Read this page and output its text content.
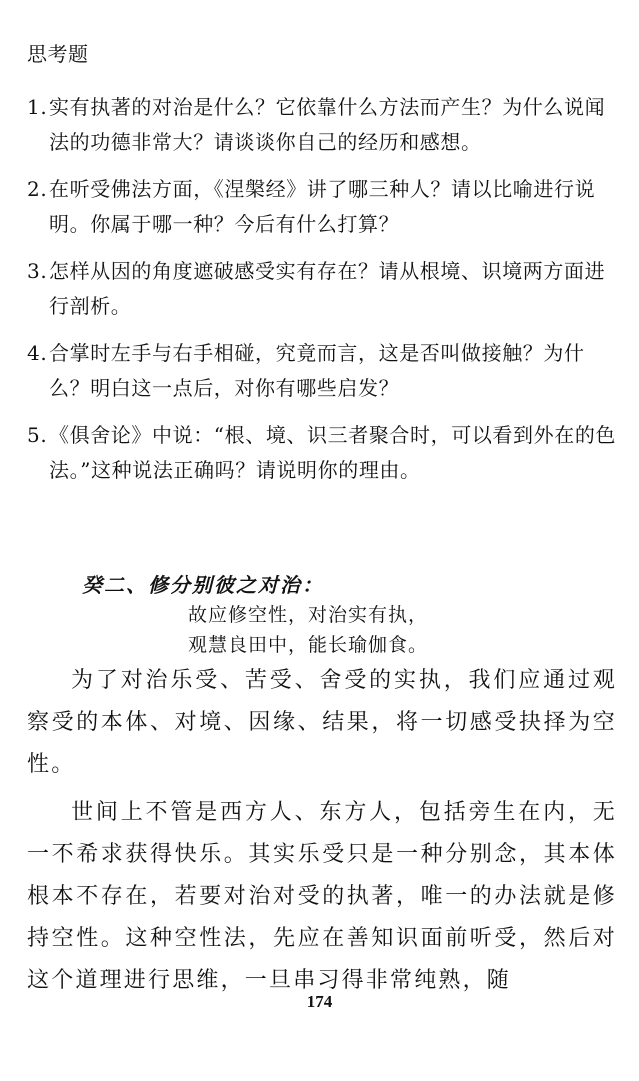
思考题
1. 实有执著的对治是什么？它依靠什么方法而产生？为什么说闻法的功德非常大？请谈谈你自己的经历和感想。
2. 在听受佛法方面，《涅槃经》讲了哪三种人？请以比喻进行说明。你属于哪一种？今后有什么打算？
3. 怎样从因的角度遮破感受实有存在？请从根境、识境两方面进行剖析。
4. 合掌时左手与右手相碰，究竟而言，这是否叫做接触？为什么？明白这一点后，对你有哪些启发？
5. 《俱舍论》中说：“根、境、识三者聚合时，可以看到外在的色法。”这种说法正确吗？请说明你的理由。
癸二、修分别彼之对治：
故应修空性，对治实有执，
观慧良田中，能长瑜伽食。

为了对治乐受、苦受、舍受的实执，我们应通过观察受的本体、对境、因缘、结果，将一切感受抉择为空性。

世间上不管是西方人、东方人，包括旁生在内，无一不希求获得快乐。其实乐受只是一种分别念，其本体根本不存在，若要对治对受的执著，唯一的办法就是修持空性。这种空性法，先应在善知识面前听受，然后对这个道理进行思维，一旦串习得非常纯熟，随

174
